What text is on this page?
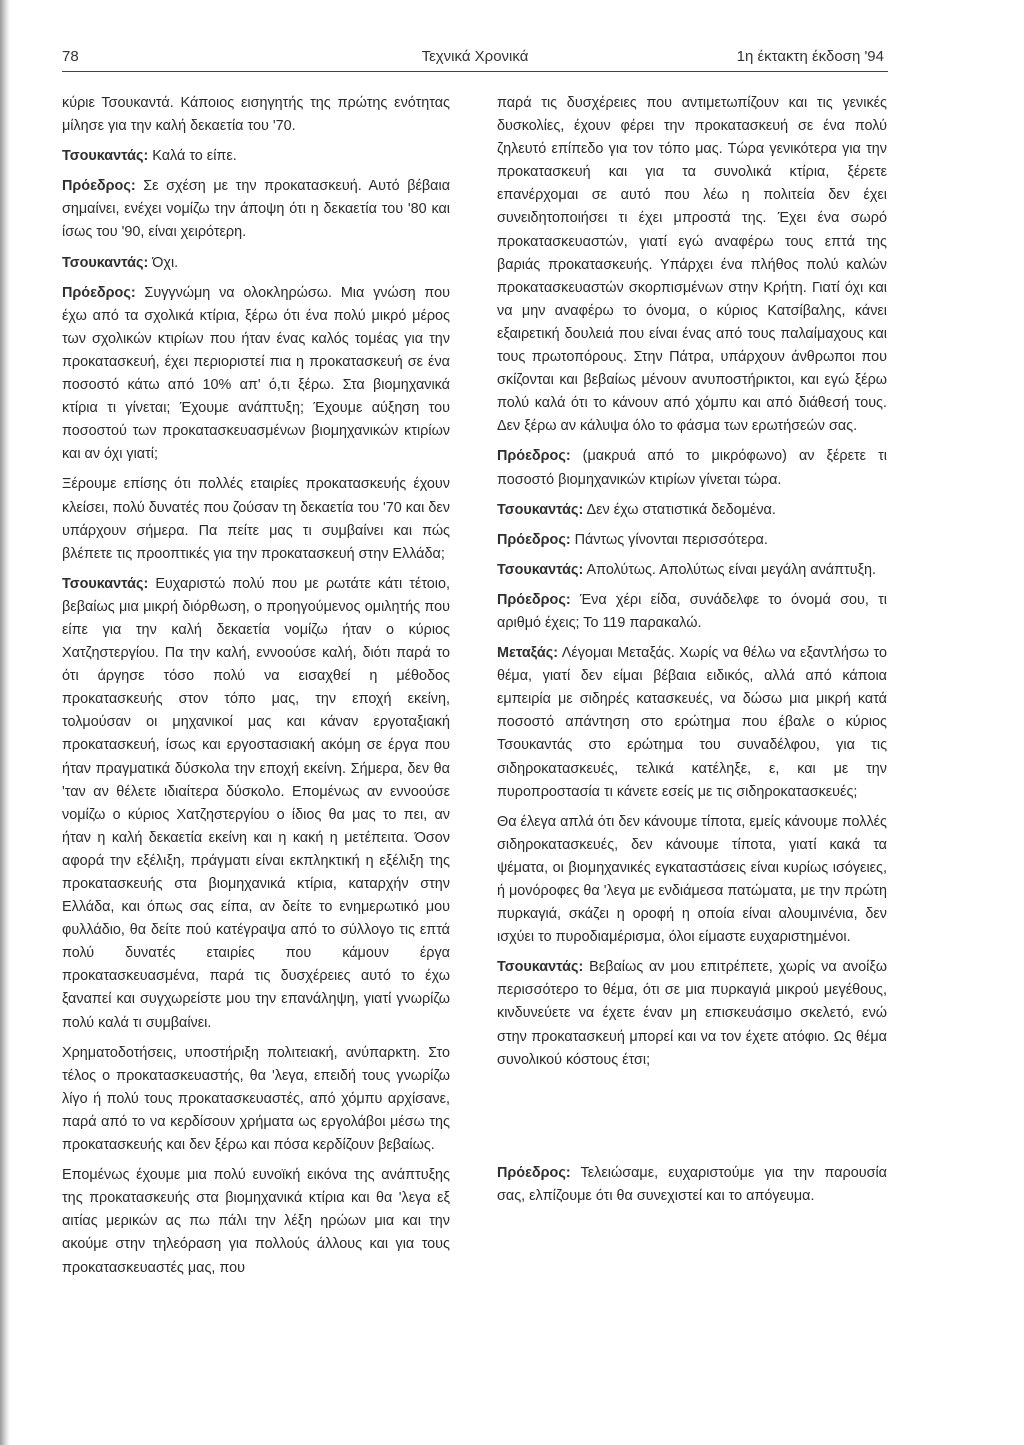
78	Τεχνικά Χρονικά	1η έκτακτη έκδοση '94

κύριε Τσουκαντά. Κάποιος εισηγητής της πρώτης ενότητας μίλησε για την καλή δεκαετία του '70.

Τσουκαντάς: Καλά το είπε.

Πρόεδρος: Σε σχέση με την προκατασκευή. Αυτό βέβαια σημαίνει, ενέχει νομίζω την άποψη ότι η δεκαετία του '80 και ίσως του '90, είναι χειρότερη.

Τσουκαντάς: Όχι.

Πρόεδρος: Συγγνώμη να ολοκληρώσω. Μια γνώση που έχω από τα σχολικά κτίρια, ξέρω ότι ένα πολύ μικρό μέρος των σχολικών κτιρίων που ήταν ένας καλός τομέας για την προκατασκευή, έχει περιοριστεί πια η προκατασκευή σε ένα ποσοστό κάτω από 10% απ' ό,τι ξέρω. Στα βιομηχανικά κτίρια τι γίνεται; Έχουμε ανάπτυξη; Έχουμε αύξηση του ποσοστού των προκατασκευασμένων βιομηχανικών κτιρίων και αν όχι γιατί;

Ξέρουμε επίσης ότι πολλές εταιρίες προκατασκευής έχουν κλείσει, πολύ δυνατές που ζούσαν τη δεκαετία του '70 και δεν υπάρχουν σήμερα. Πα πείτε μας τι συμβαίνει και πώς βλέπετε τις προοπτικές για την προκατασκευή στην Ελλάδα;

Τσουκαντάς: Ευχαριστώ πολύ που με ρωτάτε κάτι τέτοιο, βεβαίως μια μικρή διόρθωση, ο προηγούμενος ομιλητής που είπε για την καλή δεκαετία νομίζω ήταν ο κύριος Χατζηστεργίου. Πα την καλή, εννοούσε καλή, διότι παρά το ότι άργησε τόσο πολύ να εισαχθεί η μέθοδος προκατασκευής στον τόπο μας, την εποχή εκείνη, τολμούσαν οι μηχανικοί μας και κάναν εργοταξιακή προκατασκευή, ίσως και εργοστασιακή ακόμη σε έργα που ήταν πραγματικά δύσκολα την εποχή εκείνη. Σήμερα, δεν θα 'ταν αν θέλετε ιδιαίτερα δύσκολο. Επομένως αν εννοούσε νομίζω ο κύριος Χατζηστεργίου ο ίδιος θα μας το πει, αν ήταν η καλή δεκαετία εκείνη και η κακή η μετέπειτα. Όσον αφορά την εξέλιξη, πράγματι είναι εκπληκτική η εξέλιξη της προκατασκευής στα βιομηχανικά κτίρια, καταρχήν στην Ελλάδα, και όπως σας είπα, αν δείτε το ενημερωτικό μου φυλλάδιο, θα δείτε πού κατέγραψα από το σύλλογο τις επτά πολύ δυνατές εταιρίες που κάμουν έργα προκατασκευασμένα, παρά τις δυσχέρειες αυτό το έχω ξαναπεί και συγχωρείστε μου την επανάληψη, γιατί γνωρίζω πολύ καλά τι συμβαίνει.

Χρηματοδοτήσεις, υποστήριξη πολιτειακή, ανύπαρκτη. Στο τέλος ο προκατασκευαστής, θα 'λεγα, επειδή τους γνωρίζω λίγο ή πολύ τους προκατασκευαστές, από χόμπυ αρχίσανε, παρά από το να κερδίσουν χρήματα ως εργολάβοι μέσω της προκατασκευής και δεν ξέρω και πόσα κερδίζουν βεβαίως.

Επομένως έχουμε μια πολύ ευνοϊκή εικόνα της ανάπτυξης της προκατασκευής στα βιομηχανικά κτίρια και θα 'λεγα εξ αιτίας μερικών ας πω πάλι την λέξη ηρώων μια και την ακούμε στην τηλεόραση για πολλούς άλλους και για τους προκατασκευαστές μας, που

παρά τις δυσχέρειες που αντιμετωπίζουν και τις γενικές δυσκολίες, έχουν φέρει την προκατασκευή σε ένα πολύ ζηλευτό επίπεδο για τον τόπο μας. Τώρα γενικότερα για την προκατασκευή και για τα συνολικά κτίρια, ξέρετε επανέρχομαι σε αυτό που λέω η πολιτεία δεν έχει συνειδητοποιήσει τι έχει μπροστά της. Έχει ένα σωρό προκατασκευαστών, γιατί εγώ αναφέρω τους επτά της βαριάς προκατασκευής. Υπάρχει ένα πλήθος πολύ καλών προκατασκευαστών σκορπισμένων στην Κρήτη. Γιατί όχι και να μην αναφέρω το όνομα, ο κύριος Κατσίβαλης, κάνει εξαιρετική δουλειά που είναι ένας από τους παλαίμαχους και τους πρωτοπόρους. Στην Πάτρα, υπάρχουν άνθρωποι που σκίζονται και βεβαίως μένουν ανυποστήρικτοι, και εγώ ξέρω πολύ καλά ότι το κάνουν από χόμπυ και από διάθεσή τους. Δεν ξέρω αν κάλυψα όλο το φάσμα των ερωτήσεών σας.

Πρόεδρος: (μακρυά από το μικρόφωνο) αν ξέρετε τι ποσοστό βιομηχανικών κτιρίων γίνεται τώρα.

Τσουκαντάς: Δεν έχω στατιστικά δεδομένα.

Πρόεδρος: Πάντως γίνονται περισσότερα.

Τσουκαντάς: Απολύτως. Απολύτως είναι μεγάλη ανάπτυξη.

Πρόεδρος: Ένα χέρι είδα, συνάδελφε το όνομά σου, τι αριθμό έχεις; Το 119 παρακαλώ.

Μεταξάς: Λέγομαι Μεταξάς. Χωρίς να θέλω να εξαντλήσω το θέμα, γιατί δεν είμαι βέβαια ειδικός, αλλά από κάποια εμπειρία με σιδηρές κατασκευές, να δώσω μια μικρή κατά ποσοστό απάντηση στο ερώτημα που έβαλε ο κύριος Τσουκαντάς στο ερώτημα του συναδέλφου, για τις σιδηροκατασκευές, τελικά κατέληξε, ε, και με την πυροπροστασία τι κάνετε εσείς με τις σιδηροκατασκευές;

Θα έλεγα απλά ότι δεν κάνουμε τίποτα, εμείς κάνουμε πολλές σιδηροκατασκευές, δεν κάνουμε τίποτα, γιατί κακά τα ψέματα, οι βιομηχανικές εγκαταστάσεις είναι κυρίως ισόγειες, ή μονόροφες θα 'λεγα με ενδιάμεσα πατώματα, με την πρώτη πυρκαγιά, σκάζει η οροφή η οποία είναι αλουμινένια, δεν ισχύει το πυροδιαμέρισμα, όλοι είμαστε ευχαριστημένοι.

Τσουκαντάς: Βεβαίως αν μου επιτρέπετε, χωρίς να ανοίξω περισσότερο το θέμα, ότι σε μια πυρκαγιά μικρού μεγέθους, κινδυνεύετε να έχετε έναν μη επισκευάσιμο σκελετό, ενώ στην προκατασκευή μπορεί και να τον έχετε ατόφιο. Ως θέμα συνολικού κόστους έτσι;

Πρόεδρος: Τελειώσαμε, ευχαριστούμε για την παρουσία σας, ελπίζουμε ότι θα συνεχιστεί και το απόγευμα.
